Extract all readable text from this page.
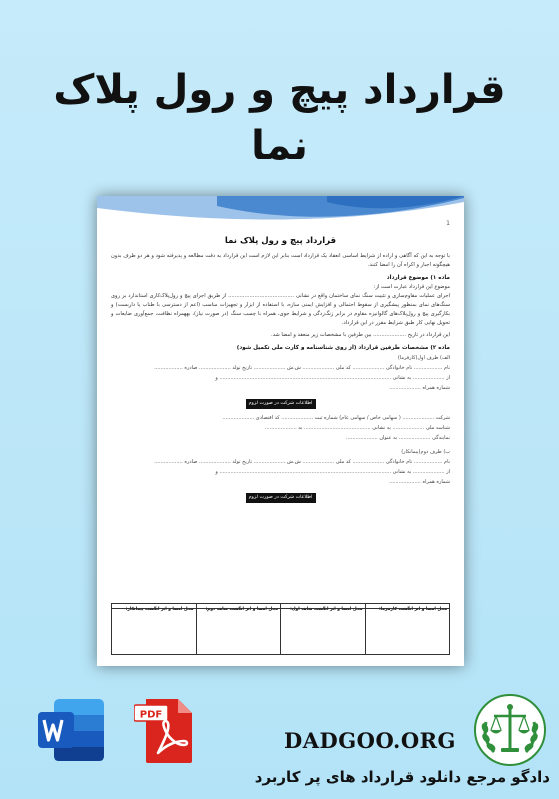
قرارداد پیچ و رول پلاک
نما
1
قرارداد پیچ و رول پلاک نما
با توجه به این که آگاهی و اراده از شرایط اساسی انعقاد یک قرارداد است بنابر این لازم است این قرارداد به دقت مطالعه و پذیرفته شود و هر دو طرف بدون هیچگونه اجبار و اکراه آن را امضا کنند.
ماده ۱) موضوع قرارداد
موضوع این قرارداد عبارت است از:
اجرای عملیات مقاوم‌سازی و تثبیت سنگ نمای ساختمان واقع در نشانی ........................................ از طریق اجرای پیچ و رول‌پلاک‌کاری استاندارد بر روی سنگ‌های نمای بمنظور پیشگیری از سقوط احتمالی و افزایش ایمنی سازه، با استفاده از ابزار و تجهیزات مناسب (اعم از دسترسی با طناب یا داربست) و بکارگیری پیچ و رول‌پلاک‌های گالوانیزه مقاوم در برابر زنگ‌زدگی و شرایط جوی، همراه با چسب سنگ (در صورت نیاز)، بههمراه نظافت، جمع‌آوری ضایعات و تحویل نهایی کار طبق شرایط مقرر در این قرارداد.
این قرارداد در تاریخ .................... بین طرفین با مشخصات زیر منعقد و امضا شد.
ماده ۲) مشخصات طرفین قرارداد (از روی شناسنامه و کارت ملی تکمیل شود)
الف) طرف اول(کارفرما)
نام .................. نام خانوادگی .................... کد ملی .................... ش.ش .................... تاریخ تولد .................... صادره ..................
از .................... به نشانی ............................................................................................................ و
شماره همراه ....................
اطلاعات شرکت در صورت لزوم
شرکت .................... ( سهامی خاص / سهامی عام) شماره ثبت .................... کد اقتصادی ....................
شناسه ملی .................... به نشانی .......................................... به ....................
نمایندگی .................... به عنوان ....................
ب) طرف دوم(پیمانکار)
نام .................. نام خانوادگی .................... کد ملی .................... ش.ش .................... تاریخ تولد .................... صادره ..................
از .................... به نشانی ............................................................................................................ و
شماره همراه ....................
اطلاعات شرکت در صورت لزوم
محل امضا و اثر انگشت کارفرما:
محل امضا و اثر انگشت شاهد اول:
محل امضا و اثر انگشت شاهد دوم:
محل امضا و اثر انگشت پیمانکار:
PDF
DADGOO.ORG
دادگو مرجع دانلود قرارداد های پر کاربرد
